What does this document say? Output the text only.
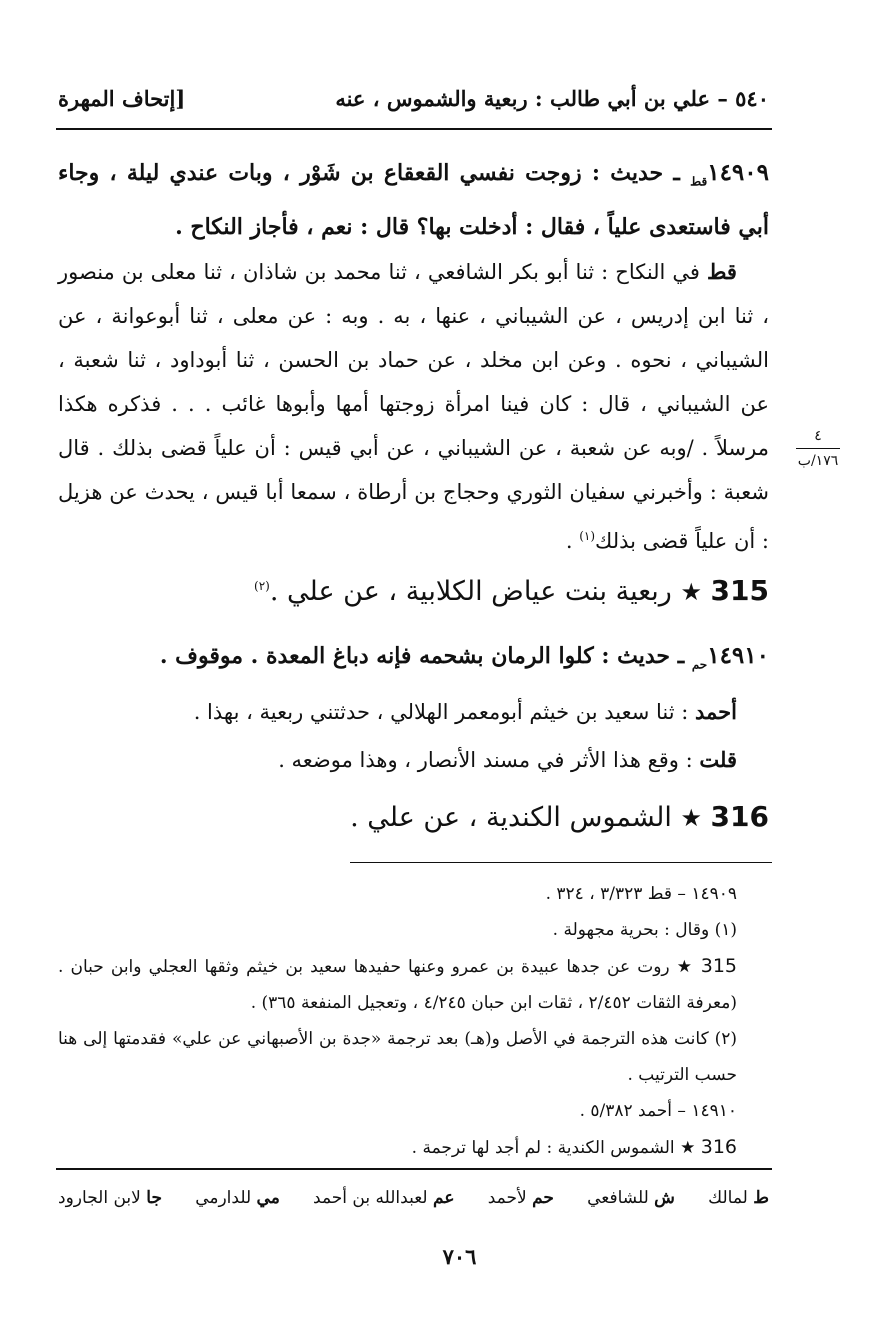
٥٤٠ – علي بن أبي طالب : ربعية والشموس ، عنه
[إتحاف المهرة

$١٤٩٠٩_{قط}$ ـ حديث : زوجت نفسي القعقاع بن شَوْر ، وبات عندي ليلة ، وجاء أبي فاستعدى علياً ، فقال : أدخلت بها؟ قال : نعم ، فأجاز النكاح .

قط في النكاح : ثنا أبو بكر الشافعي ، ثنا محمد بن شاذان ، ثنا معلى بن منصور ، ثنا ابن إدريس ، عن الشيباني ، عنها ، به . وبه : عن معلى ، ثنا أبوعوانة ، عن الشيباني ، نحوه . وعن ابن مخلد ، عن حماد بن الحسن ، ثنا أبوداود ، ثنا شعبة ، عن الشيباني ، قال : كان فينا امرأة زوجتها أمها وأبوها غائب . . . فذكره هكذا مرسلاً . /وبه عن شعبة ، عن الشيباني ، عن أبي قيس : أن علياً قضى بذلك . قال شعبة : وأخبرني سفيان الثوري وحجاج بن أرطاة ، سمعا أبا قيس ، يحدث عن هزيل : أن علياً قضى بذلك$^{(١)}$ .

٤
١٧٦/ب
315 ★ ربعية بنت عياض الكلابية ، عن علي .$^{(٢)}$

$١٤٩١٠_{حم}$ ـ حديث : كلوا الرمان بشحمه فإنه دباغ المعدة . موقوف .

أحمد : ثنا سعيد بن خيثم أبومعمر الهلالي ، حدثتني ربعية ، بهذا .

قلت : وقع هذا الأثر في مسند الأنصار ، وهذا موضعه .

316 ★ الشموس الكندية ، عن علي .

١٤٩٠٩ – قط ٣/٣٢٣ ، ٣٢٤ .

(١) وقال : بحرية مجهولة .

315 ★ روت عن جدها عبيدة بن عمرو وعنها حفيدها سعيد بن خيثم وثقها العجلي وابن حبان . (معرفة الثقات ٢/٤٥٢ ، ثقات ابن حبان ٤/٢٤٥ ، وتعجيل المنفعة ٣٦٥) .

(٢) كانت هذه الترجمة في الأصل و(هـ) بعد ترجمة «جدة بن الأصبهاني عن علي» فقدمتها إلى هنا حسب الترتيب .

١٤٩١٠ – أحمد ٥/٣٨٢ .

316 ★ الشموس الكندية : لم أجد لها ترجمة .

ط لمالك
ش للشافعي
حم لأحمد
عم لعبدالله بن أحمد
مي للدارمي
جا لابن الجارود
٧٠٦
